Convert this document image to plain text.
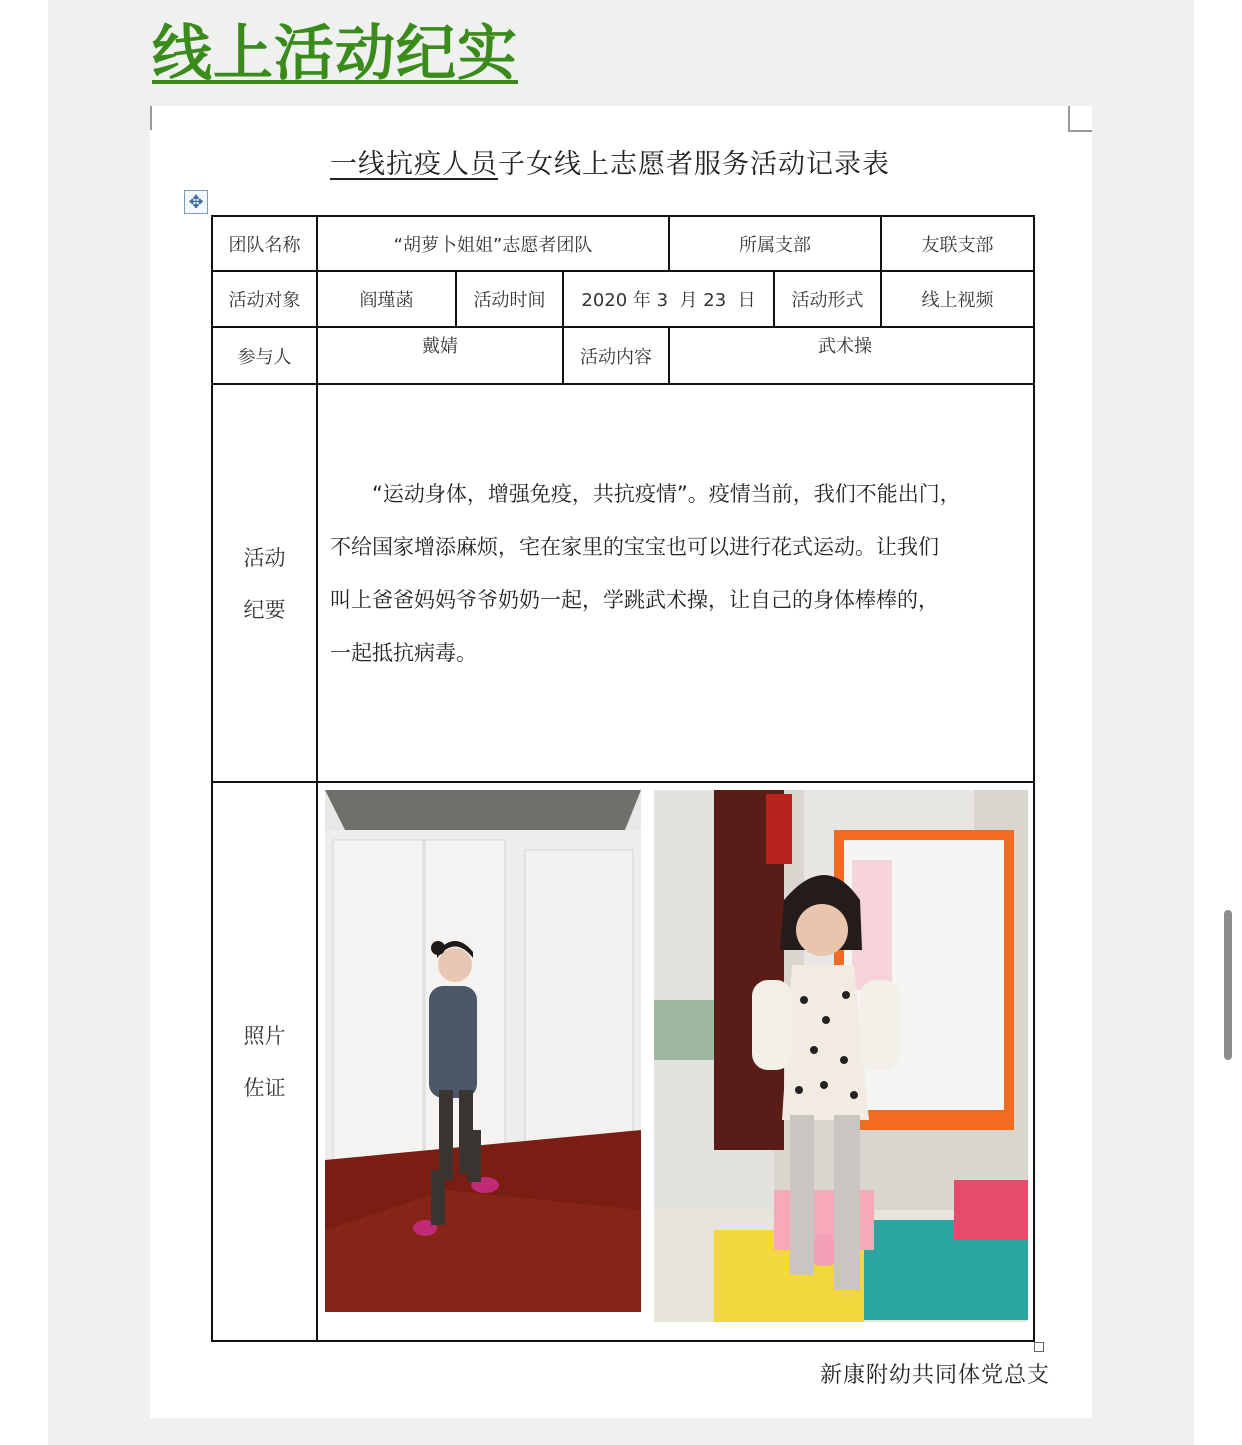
线上活动纪实
一线抗疫人员子女线上志愿者服务活动记录表
✥
团队名称	“胡萝卜姐姐”志愿者团队	所属支部	友联支部
活动对象	阎瑾菡	活动时间	2020 年 3  月 23  日	活动形式	线上视频
参与人	戴婧	活动内容	武术操
活动
纪要
“运动身体，增强免疫，共抗疫情”。疫情当前，我们不能出门，
不给国家增添麻烦，宅在家里的宝宝也可以进行花式运动。让我们
叫上爸爸妈妈爷爷奶奶一起，学跳武术操，让自己的身体棒棒的，
一起抵抗病毒。
照片
佐证
新康附幼共同体党总支
